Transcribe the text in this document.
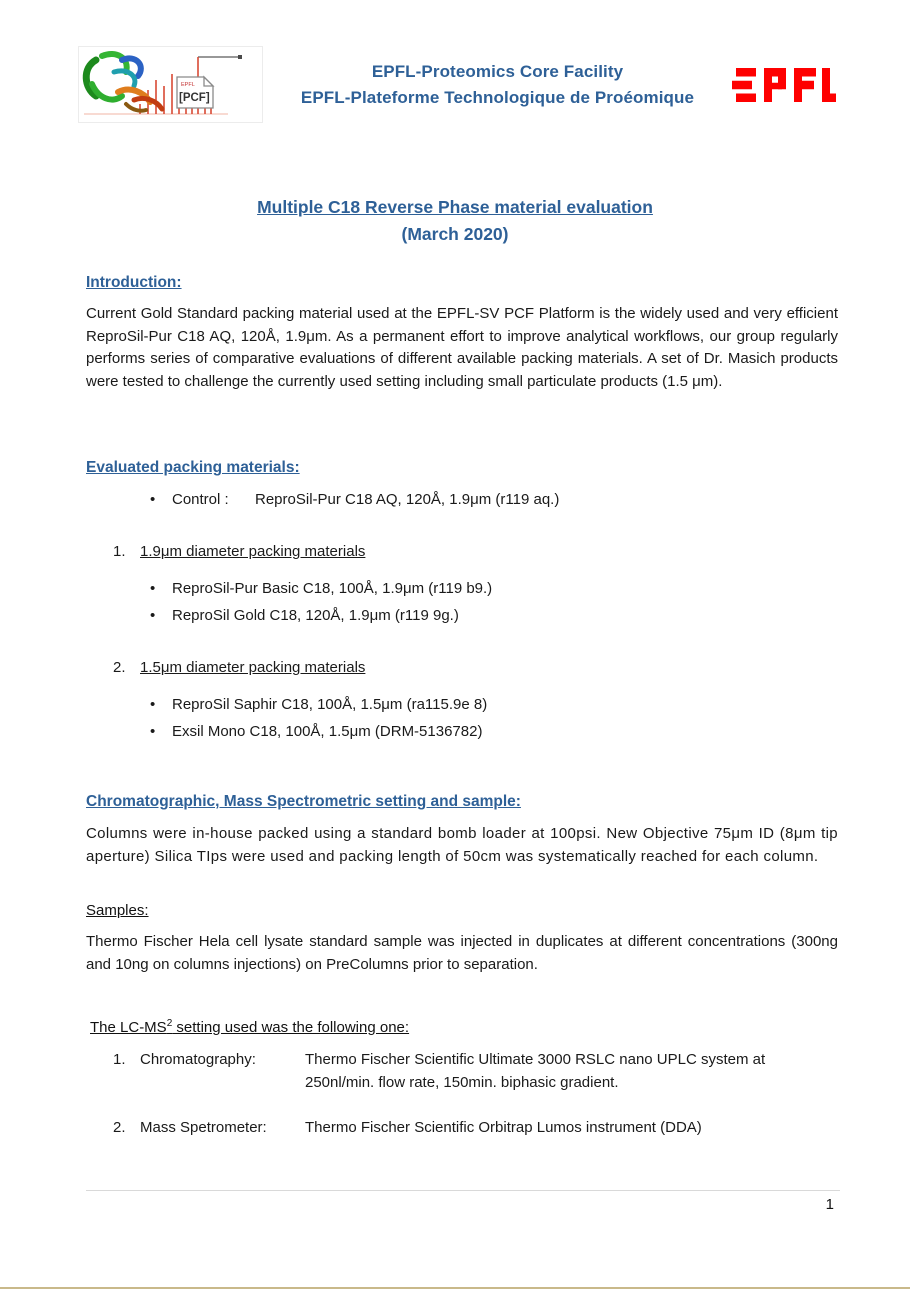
EPFL
[PCF]
EPFL-Proteomics Core Facility
EPFL-Plateforme Technologique de Proéomique
Multiple C18 Reverse Phase material evaluation
(March 2020)
Introduction:
Current Gold Standard packing material used at the EPFL-SV PCF Platform is the widely used and very efficient ReproSil-Pur C18 AQ, 120Å, 1.9μm. As a permanent effort to improve analytical workflows, our group regularly performs series of comparative evaluations of different available packing materials. A set of Dr. Masich products were tested to challenge the currently used setting including small particulate products (1.5 μm).
Evaluated packing materials:
• Control :	ReproSil-Pur C18 AQ, 120Å, 1.9μm (r119 aq.)
1. 1.9μm diameter packing materials
• ReproSil-Pur Basic C18, 100Å, 1.9μm (r119 b9.)
• ReproSil Gold C18, 120Å, 1.9μm (r119 9g.)
2. 1.5μm diameter packing materials
• ReproSil Saphir C18, 100Å, 1.5μm (ra115.9e 8)
• Exsil Mono C18, 100Å, 1.5μm (DRM-5136782)
Chromatographic, Mass Spectrometric setting and sample:
Columns were in-house packed using a standard bomb loader at 100psi. New Objective 75μm ID (8μm tip aperture) Silica TIps were used and packing length of 50cm was systematically reached for each column.
Samples:
Thermo Fischer Hela cell lysate standard sample was injected in duplicates at different concentrations (300ng and 10ng on columns injections) on PreColumns prior to separation.
The $LC-MS^2$ setting used was the following one:
1. Chromatography:	Thermo Fischer Scientific Ultimate 3000 RSLC nano UPLC system at 250nl/min. flow rate, 150min. biphasic gradient.
2. Mass Spetrometer:	Thermo Fischer Scientific Orbitrap Lumos instrument (DDA)
1
